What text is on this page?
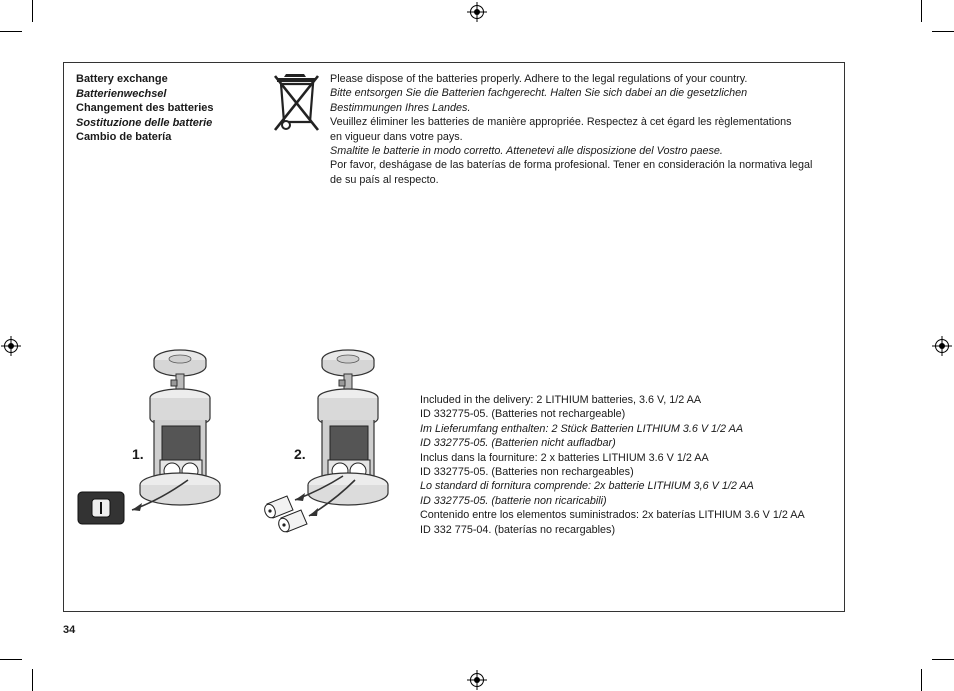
Battery exchange
Batterienwechsel
Changement des batteries
Sostituzione delle batterie
Cambio de batería
Please dispose of the batteries properly. Adhere to the legal regulations of your country.
Bitte entsorgen Sie die Batterien fachgerecht. Halten Sie sich dabei an die gesetzlichen
Bestimmungen Ihres Landes.
Veuillez éliminer les batteries de manière appropriée. Respectez à cet égard les règlementations
en vigueur dans votre pays.
Smaltite le batterie in modo corretto. Attenetevi alle disposizione del Vostro paese.
Por favor, deshágase de las baterías de forma profesional. Tener en consideración la normativa legal
de su país al respecto.
1.	2.
Included in the delivery: 2 LITHIUM batteries, 3.6 V, 1/2 AA
ID 332775-05. (Batteries not rechargeable)
Im Lieferumfang enthalten: 2 Stück Batterien LITHIUM 3.6 V 1/2 AA
ID 332775-05. (Batterien nicht aufladbar)
Inclus dans la fourniture: 2 x batteries LITHIUM 3.6 V 1/2 AA
ID 332775-05. (Batteries non rechargeables)
Lo standard di fornitura comprende: 2x batterie LITHIUM 3,6 V 1/2 AA
ID 332775-05. (batterie non ricaricabili)
Contenido entre los elementos suministrados: 2x baterías LITHIUM 3.6 V 1/2 AA
ID 332 775-04. (baterías no recargables)
34
